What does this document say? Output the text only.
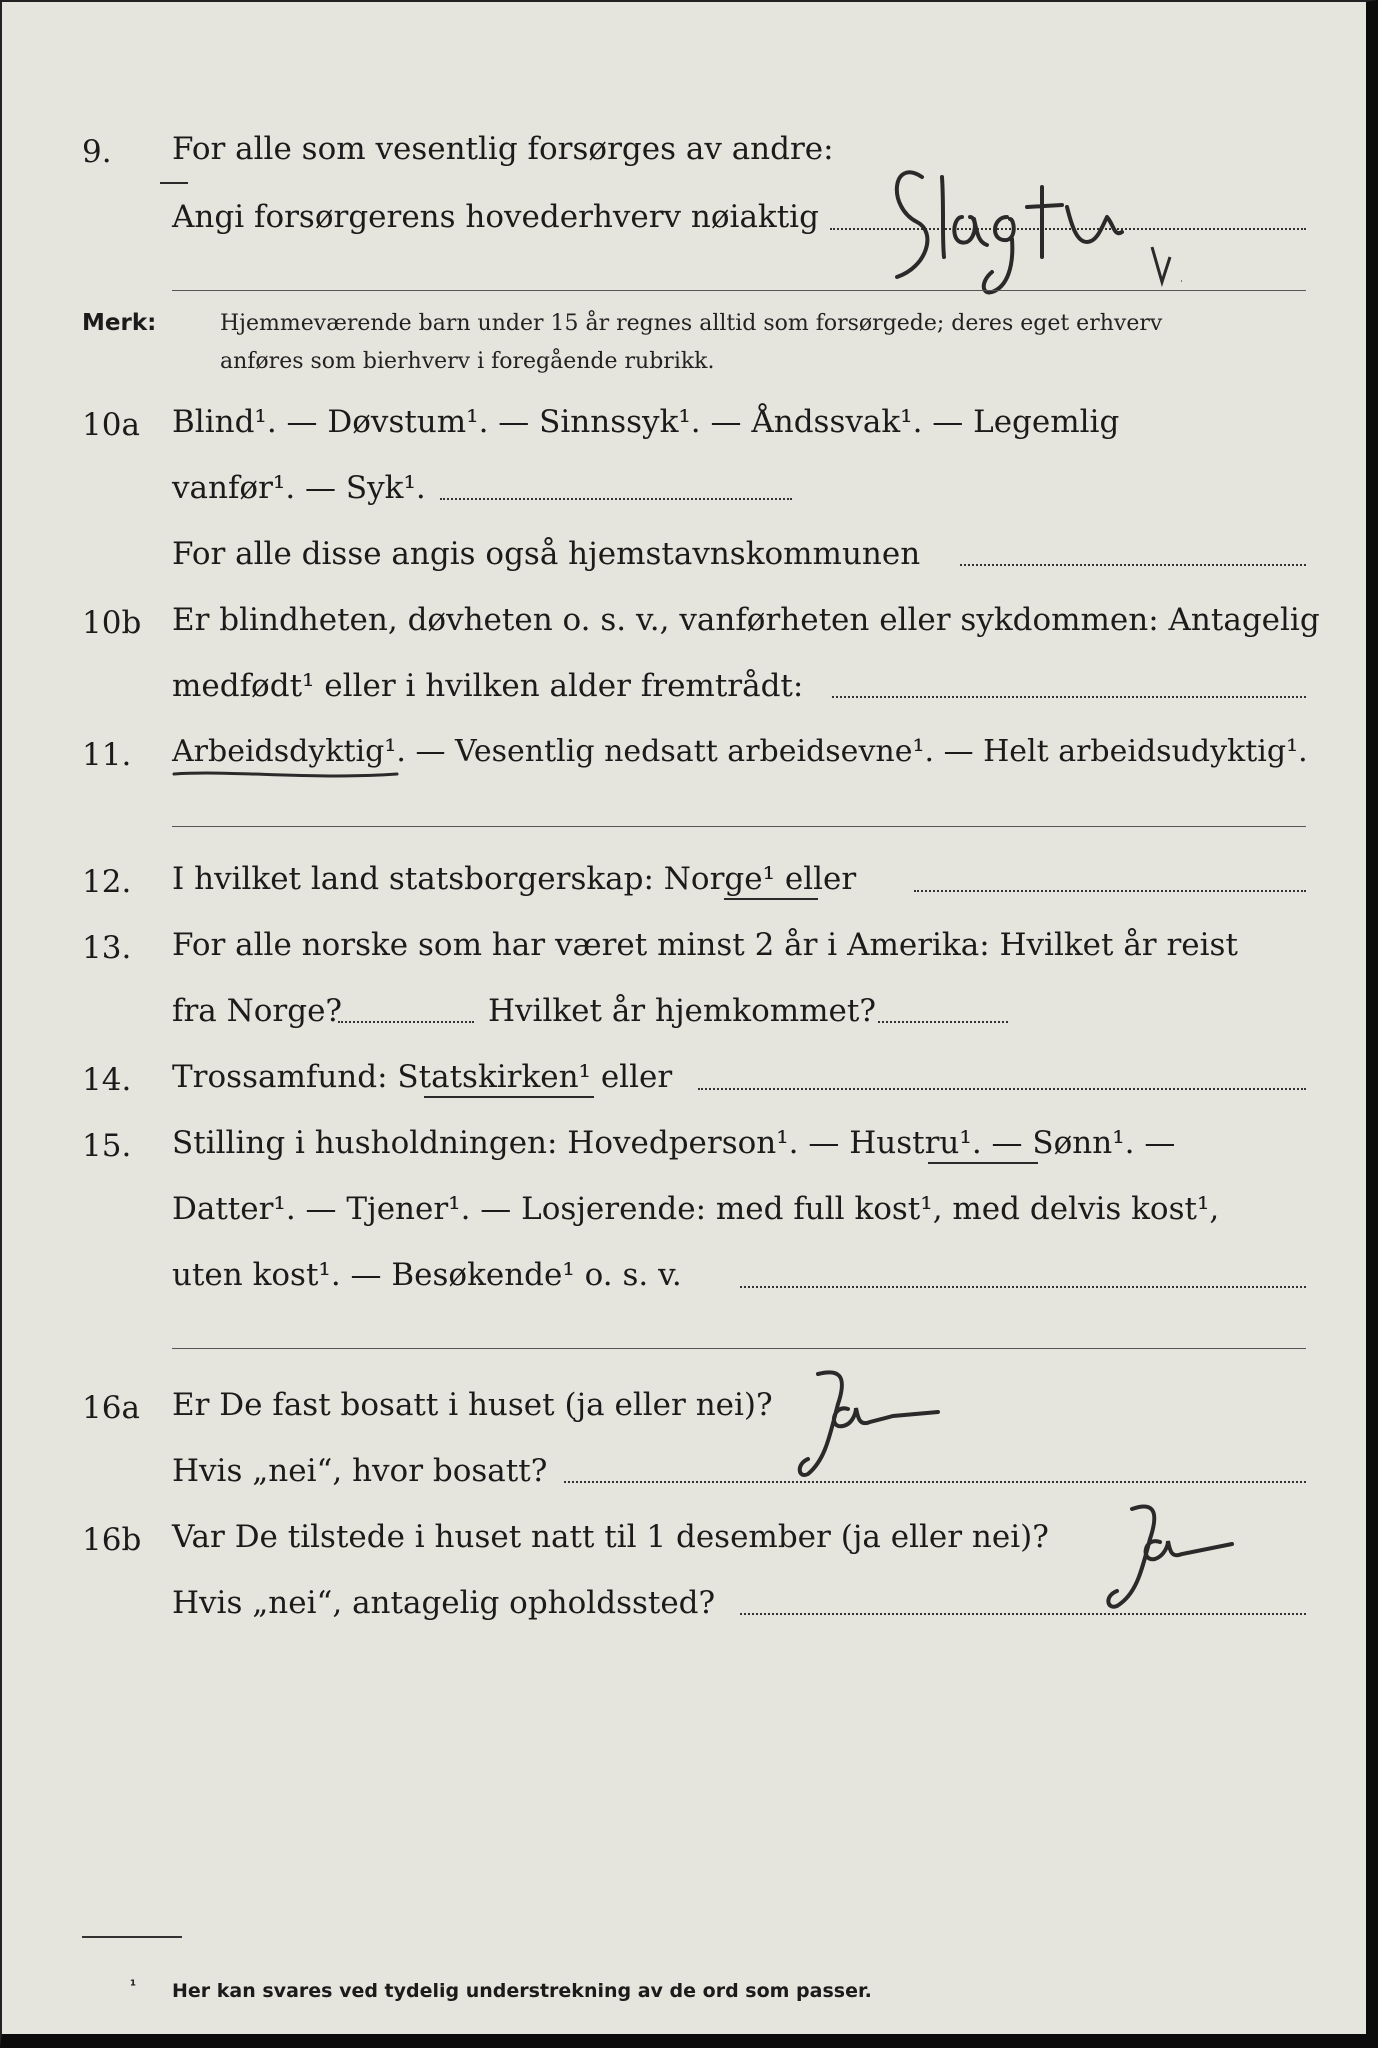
9. For alle som vesentlig forsørges av andre:
Angi forsørgerens hovederhverv nøiaktig
Merk:	Hjemmeværende barn under 15 år regnes alltid som forsørgede; deres eget erhverv
anføres som bierhverv i foregående rubrikk.
10a Blind¹. — Døvstum¹. — Sinnssyk¹. — Åndssvak¹. — Legemlig
vanfør¹. — Syk¹.
For alle disse angis også hjemstavnskommunen
10b Er blindheten, døvheten o. s. v., vanførheten eller sykdommen: Antagelig
medfødt¹ eller i hvilken alder fremtrådt:
11. Arbeidsdyktig¹. — Vesentlig nedsatt arbeidsevne¹. — Helt arbeidsudyktig¹.
12. I hvilket land statsborgerskap: Norge¹ eller
13. For alle norske som har været minst 2 år i Amerika: Hvilket år reist
fra Norge?	Hvilket år hjemkommet?
14. Trossamfund: Statskirken¹ eller
15. Stilling i husholdningen: Hovedperson¹. — Hustru¹. — Sønn¹. —
Datter¹. — Tjener¹. — Losjerende: med full kost¹, med delvis kost¹,
uten kost¹. — Besøkende¹ o. s. v.
16a Er De fast bosatt i huset (ja eller nei)?
Hvis „nei“, hvor bosatt?
16b Var De tilstede i huset natt til 1 desember (ja eller nei)?
Hvis „nei“, antagelig opholdssted?
¹ Her kan svares ved tydelig understrekning av de ord som passer.
